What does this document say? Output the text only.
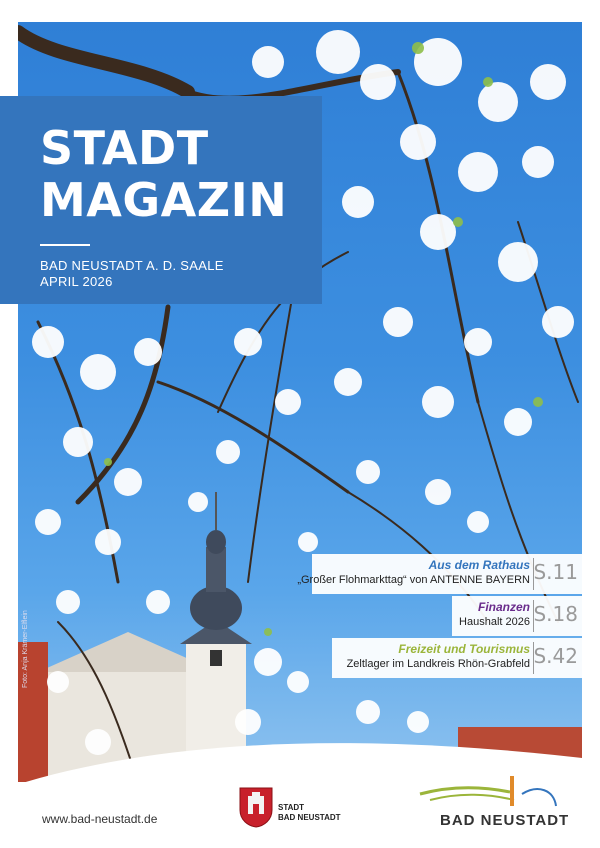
Foto: Anja Krämer-Elflein
STADT
MAGAZIN
BAD NEUSTADT A. D. SAALE
APRIL 2026
Aus dem Rathaus
„Großer Flohmarkttag“ von ANTENNE BAYERN S.11
Finanzen
Haushalt 2026 S.18
Freizeit und Tourismus
Zeltlager im Landkreis Rhön-Grabfeld S.42
www.bad-neustadt.de
STADT
BAD NEUSTADT	BAD NEUSTADT
